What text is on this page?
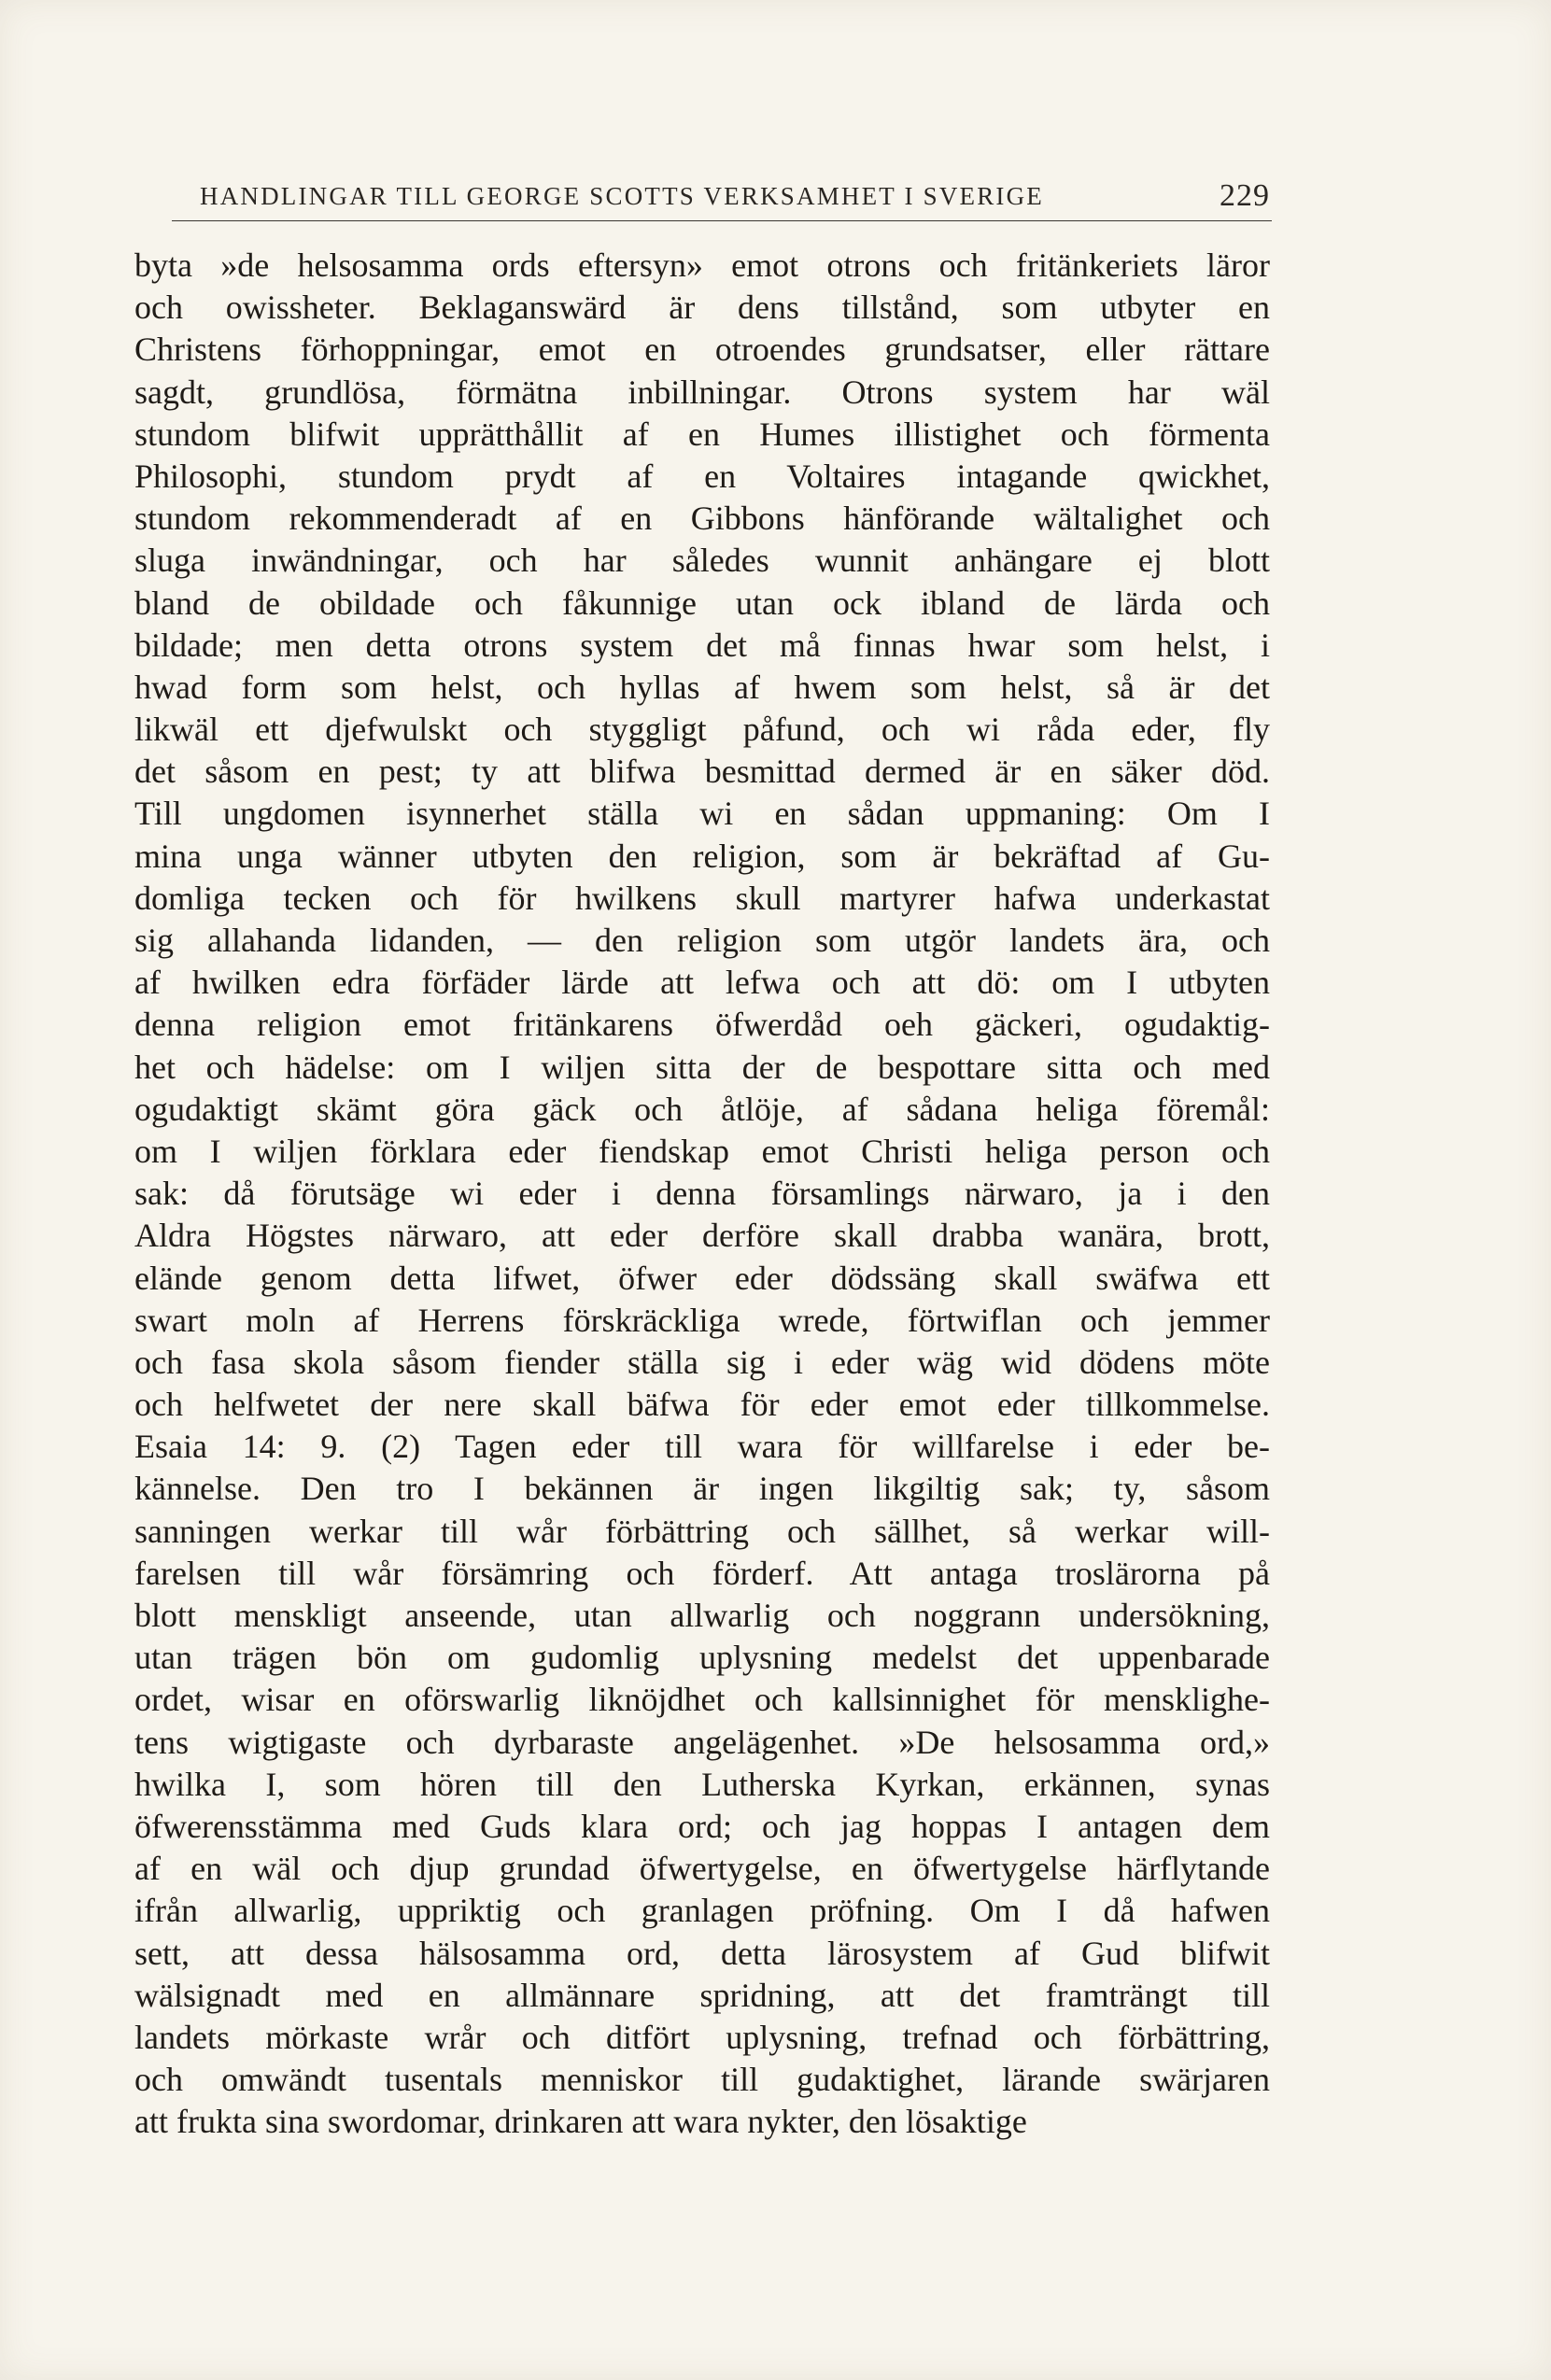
HANDLINGAR TILL GEORGE SCOTTS VERKSAMHET I SVERIGE	229
byta »de helsosamma ords eftersyn» emot otrons och fritänkeriets läror
och owissheter. Beklaganswärd är dens tillstånd, som utbyter en
Christens förhoppningar, emot en otroendes grundsatser, eller rättare
sagdt, grundlösa, förmätna inbillningar. Otrons system har wäl
stundom blifwit upprätthållit af en Humes illistighet och förmenta
Philosophi, stundom prydt af en Voltaires intagande qwickhet,
stundom rekommenderadt af en Gibbons hänförande wältalighet och
sluga inwändningar, och har således wunnit anhängare ej blott
bland de obildade och fåkunnige utan ock ibland de lärda och
bildade; men detta otrons system det må finnas hwar som helst, i
hwad form som helst, och hyllas af hwem som helst, så är det
likwäl ett djefwulskt och styggligt påfund, och wi råda eder, fly
det såsom en pest; ty att blifwa besmittad dermed är en säker död.
Till ungdomen isynnerhet ställa wi en sådan uppmaning: Om I
mina unga wänner utbyten den religion, som är bekräftad af Gu-
domliga tecken och för hwilkens skull martyrer hafwa underkastat
sig allahanda lidanden, — den religion som utgör landets ära, och
af hwilken edra förfäder lärde att lefwa och att dö: om I utbyten
denna religion emot fritänkarens öfwerdåd oeh gäckeri, ogudaktig-
het och hädelse: om I wiljen sitta der de bespottare sitta och med
ogudaktigt skämt göra gäck och åtlöje, af sådana heliga föremål:
om I wiljen förklara eder fiendskap emot Christi heliga person och
sak: då förutsäge wi eder i denna församlings närwaro, ja i den
Aldra Högstes närwaro, att eder derföre skall drabba wanära, brott,
elände genom detta lifwet, öfwer eder dödssäng skall swäfwa ett
swart moln af Herrens förskräckliga wrede, förtwiflan och jemmer
och fasa skola såsom fiender ställa sig i eder wäg wid dödens möte
och helfwetet der nere skall bäfwa för eder emot eder tillkommelse.
Esaia 14: 9. (2) Tagen eder till wara för willfarelse i eder be-
kännelse. Den tro I bekännen är ingen likgiltig sak; ty, såsom
sanningen werkar till wår förbättring och sällhet, så werkar will-
farelsen till wår försämring och förderf. Att antaga troslärorna på
blott menskligt anseende, utan allwarlig och noggrann undersökning,
utan trägen bön om gudomlig uplysning medelst det uppenbarade
ordet, wisar en oförswarlig liknöjdhet och kallsinnighet för mensklighe-
tens wigtigaste och dyrbaraste angelägenhet. »De helsosamma ord,»
hwilka I, som hören till den Lutherska Kyrkan, erkännen, synas
öfwerensstämma med Guds klara ord; och jag hoppas I antagen dem
af en wäl och djup grundad öfwertygelse, en öfwertygelse härflytande
ifrån allwarlig, uppriktig och granlagen pröfning. Om I då hafwen
sett, att dessa hälsosamma ord, detta lärosystem af Gud blifwit
wälsignadt med en allmännare spridning, att det framträngt till
landets mörkaste wrår och ditfört uplysning, trefnad och förbättring,
och omwändt tusentals menniskor till gudaktighet, lärande swärjaren
att frukta sina swordomar, drinkaren att wara nykter, den lösaktige
